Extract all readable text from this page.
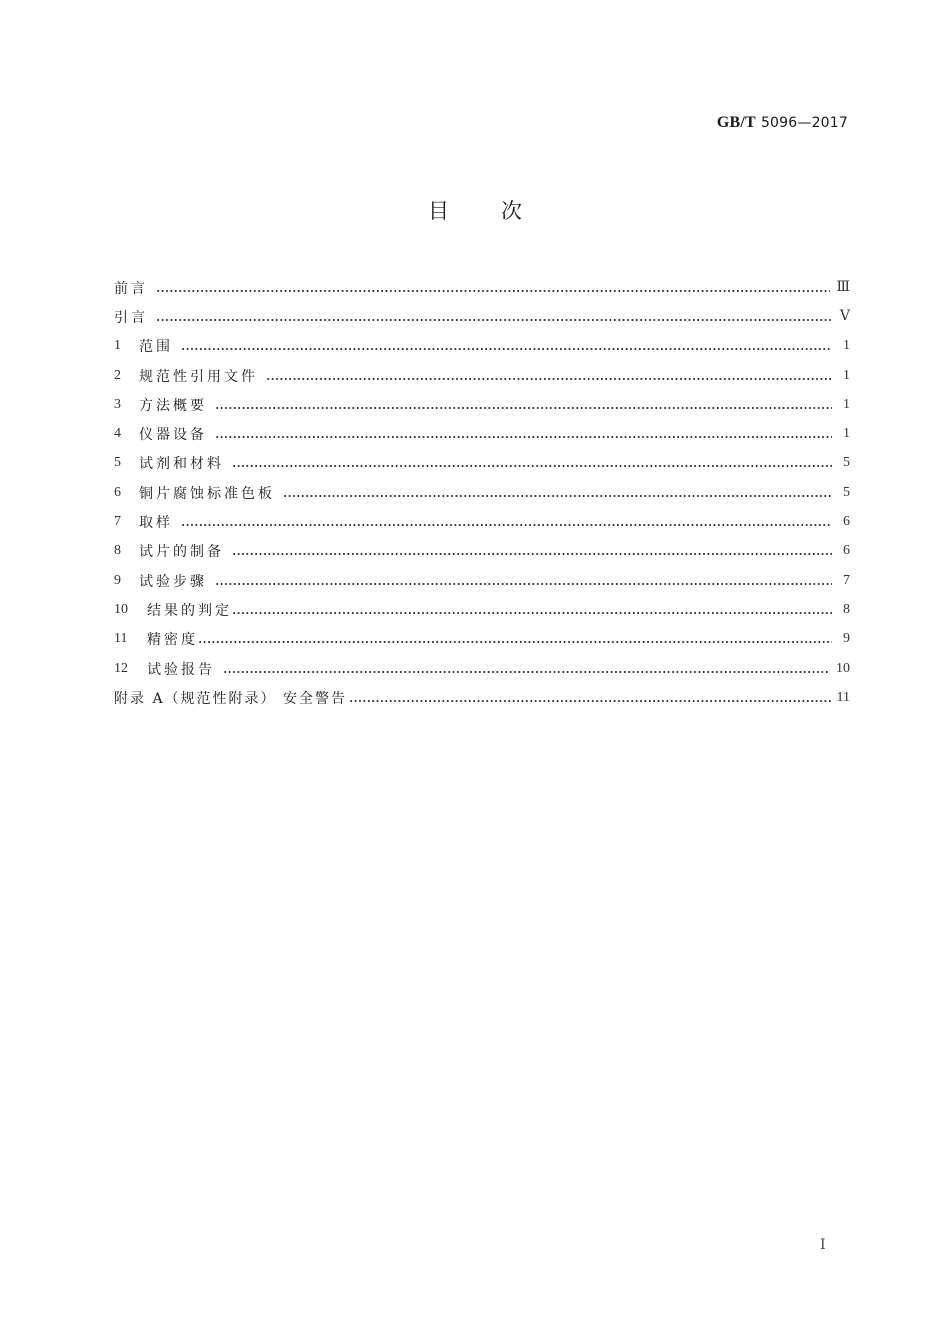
GB/T 5096—2017
目 次
前言	Ⅲ
引言	Ⅴ
1	范围	1
2	规范性引用文件	1
3	方法概要	1
4	仪器设备	1
5	试剂和材料	5
6	铜片腐蚀标准色板	5
7	取样	6
8	试片的制备	6
9	试验步骤	7
10	结果的判定	8
11	精密度	9
12	试验报告	10
附录 A（规范性附录） 安全警告	11
Ⅰ
